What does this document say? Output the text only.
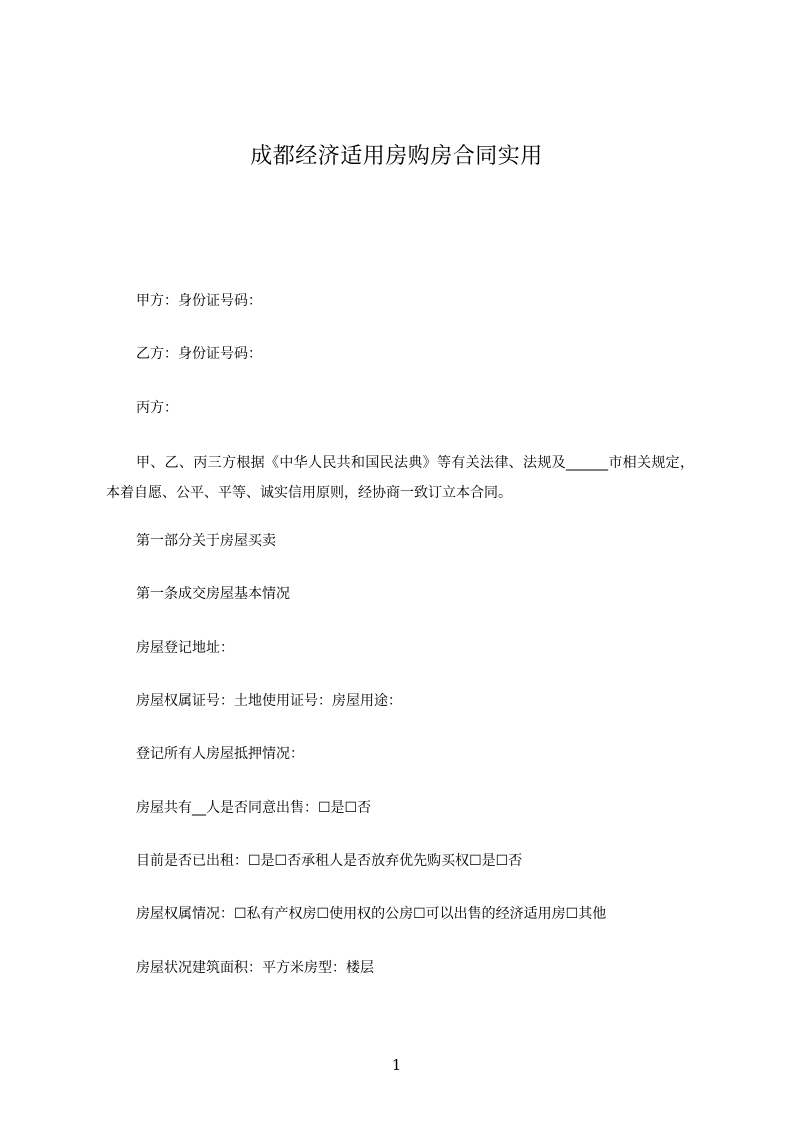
成都经济适用房购房合同实用
甲方：身份证号码：
乙方：身份证号码：
丙方：
甲、乙、丙三方根据《中华人民共和国民法典》等有关法律、法规及______市相关规定，本着自愿、公平、平等、诚实信用原则，经协商一致订立本合同。
第一部分关于房屋买卖
第一条成交房屋基本情况
房屋登记地址：
房屋权属证号：土地使用证号：房屋用途：
登记所有人房屋抵押情况：
房屋共有__人是否同意出售：☐是☐否
目前是否已出租：☐是☐否承租人是否放弃优先购买权☐是☐否
房屋权属情况：☐私有产权房☐使用权的公房☐可以出售的经济适用房☐其他
房屋状况建筑面积：平方米房型：楼层
1
